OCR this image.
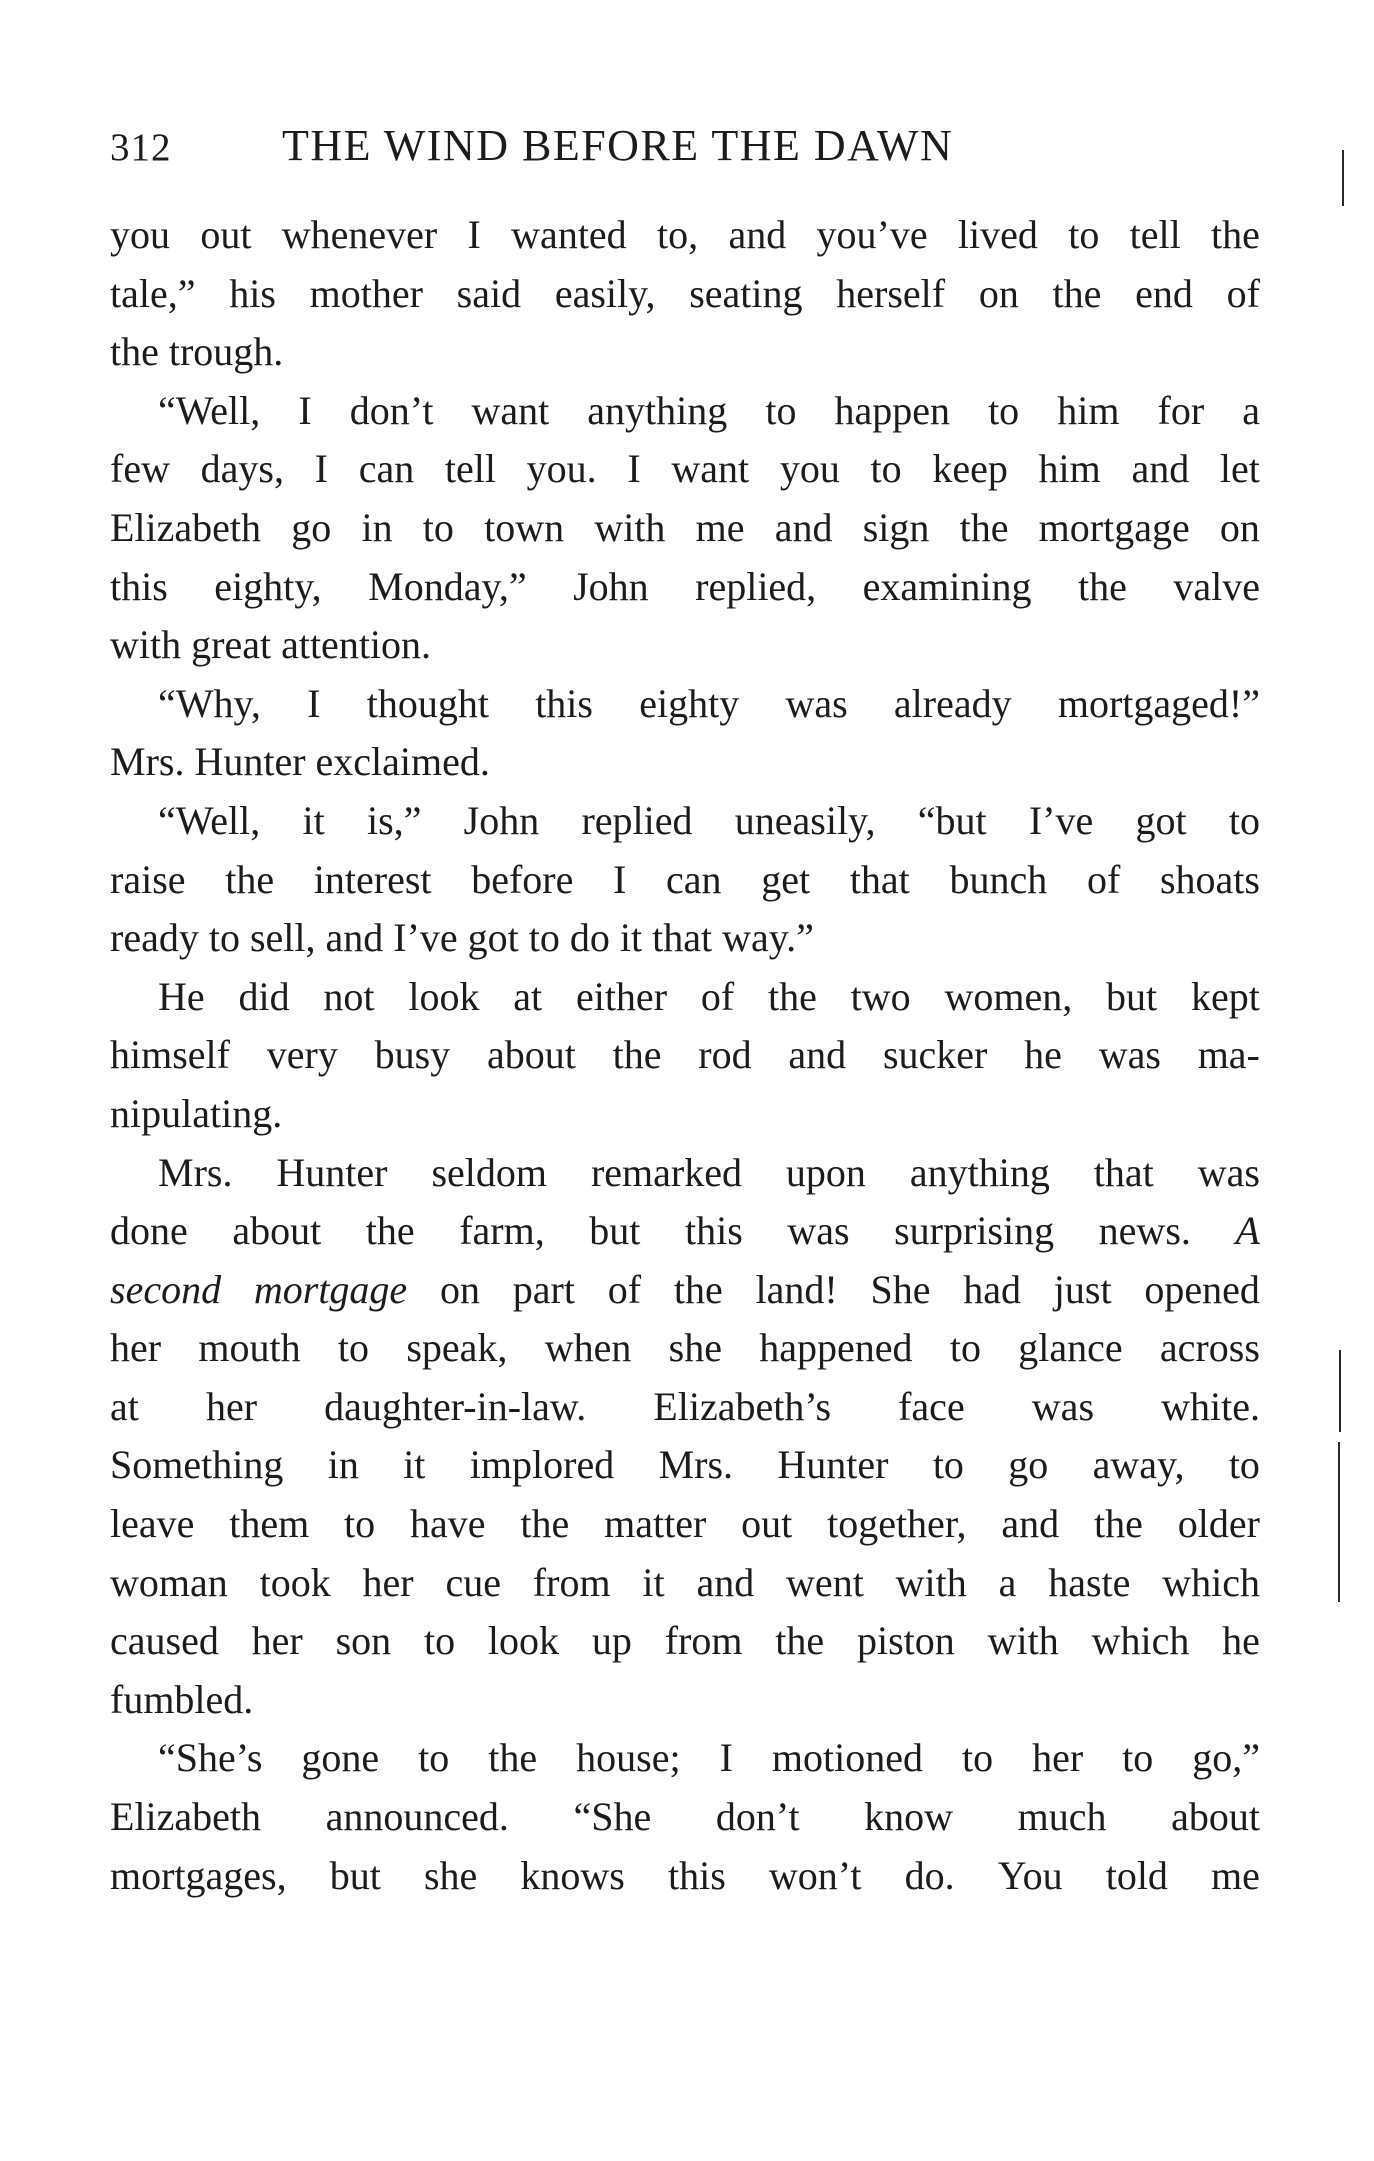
312	THE WIND BEFORE THE DAWN
you out whenever I wanted to, and you’ve lived to tell the
tale,” his mother said easily, seating herself on the end of
the trough.
“Well, I don’t want anything to happen to him for a
few days, I can tell you. I want you to keep him and let
Elizabeth go in to town with me and sign the mortgage on
this eighty, Monday,” John replied, examining the valve
with great attention.
“Why, I thought this eighty was already mortgaged!”
Mrs. Hunter exclaimed.
“Well, it is,” John replied uneasily, “but I’ve got to
raise the interest before I can get that bunch of shoats
ready to sell, and I’ve got to do it that way.”
He did not look at either of the two women, but kept
himself very busy about the rod and sucker he was ma-
nipulating.
Mrs. Hunter seldom remarked upon anything that was
done about the farm, but this was surprising news. A
second mortgage on part of the land! She had just opened
her mouth to speak, when she happened to glance across
at her daughter-in-law. Elizabeth’s face was white.
Something in it implored Mrs. Hunter to go away, to
leave them to have the matter out together, and the older
woman took her cue from it and went with a haste which
caused her son to look up from the piston with which he
fumbled.
“She’s gone to the house; I motioned to her to go,”
Elizabeth announced. “She don’t know much about
mortgages, but she knows this won’t do. You told me
